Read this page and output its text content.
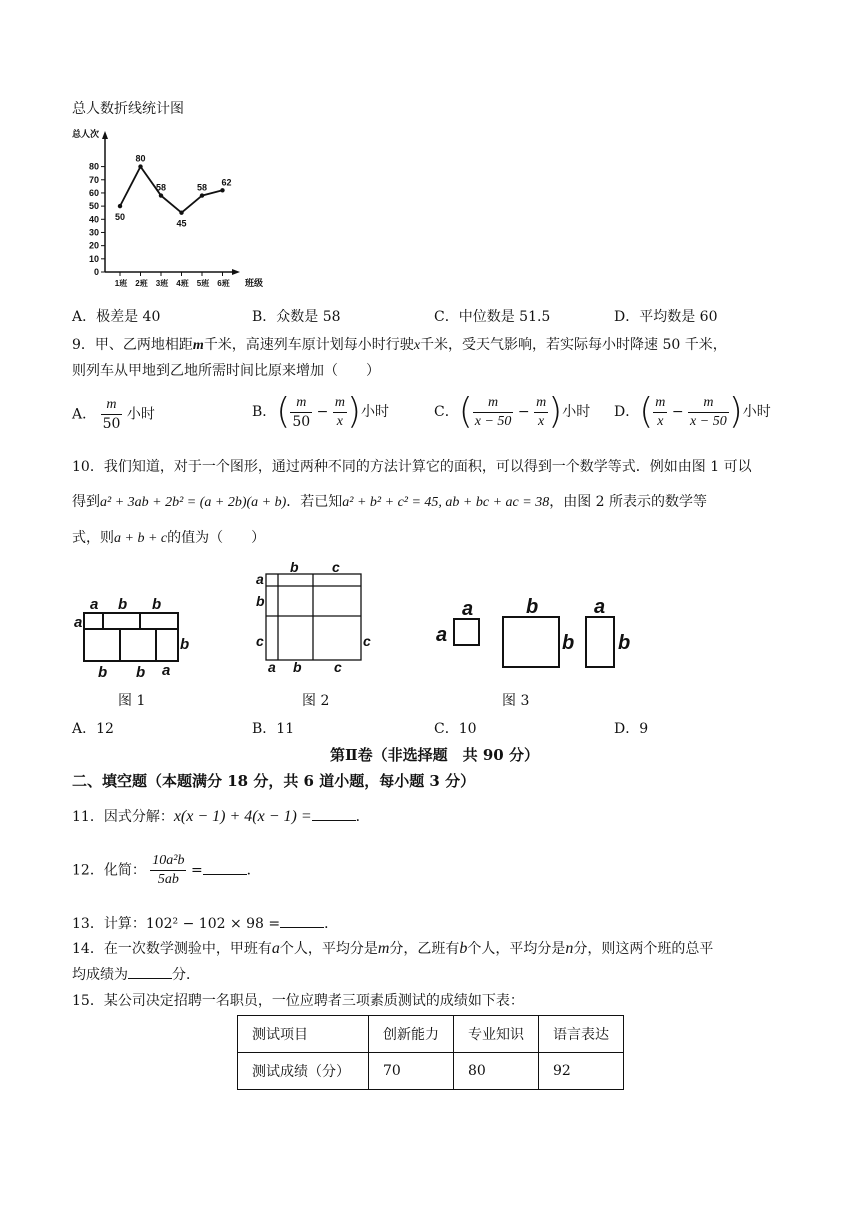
总人数折线统计图
总人次
班级
0
10
20
30
40
50
60
70
80
1班 2班 3班 4班 5班 6班
50
80
58
45
58
62
A．极差是 40	B．众数是 58	C．中位数是 51.5	D．平均数是 60
9．甲、乙两地相距m千米，高速列车原计划每小时行驶x千米，受天气影响，若实际每小时降速 50 千米，
则列车从甲地到乙地所需时间比原来增加（　　）
A． $\frac{m}{50}$ 小时	B．( $\frac{m}{50} - \frac{m}{x}$ )小时	C．( $\frac{m}{x - 50} - \frac{m}{x}$ )小时 D．( $\frac{m}{x} - \frac{m}{x - 50}$ )小时
10．我们知道，对于一个图形，通过两种不同的方法计算它的面积，可以得到一个数学等式．例如由图 1 可以
得到a² + 3ab + 2b² = (a + 2b)(a + b)．若已知a² + b² + c² = 45, ab + bc + ac = 38，由图 2 所表示的数学等
式，则a + b + c的值为（　　）
a
a b b
b
b b a
图 1
b c
a
b
c	c
a b c
图 2
a
a
b
b
a
b
图 3
A．12	B．11	C．10	D．9
第Ⅱ卷（非选择题　共 90 分）
二、填空题（本题满分 18 分，共 6 道小题，每小题 3 分）
11．因式分解：x(x − 1) + 4(x − 1) =	．
12．化简： $\frac{\text{10a²b}}{5ab}$ =	．
13．计算：102² − 102 × 98 =	．
14．在一次数学测验中，甲班有a个人，平均分是m分，乙班有b个人，平均分是n分，则这两个班的总平
均成绩为	分．
15．某公司决定招聘一名职员，一位应聘者三项素质测试的成绩如下表：
测试项目	创新能力	专业知识	语言表达
测试成绩（分）	70	80	92
